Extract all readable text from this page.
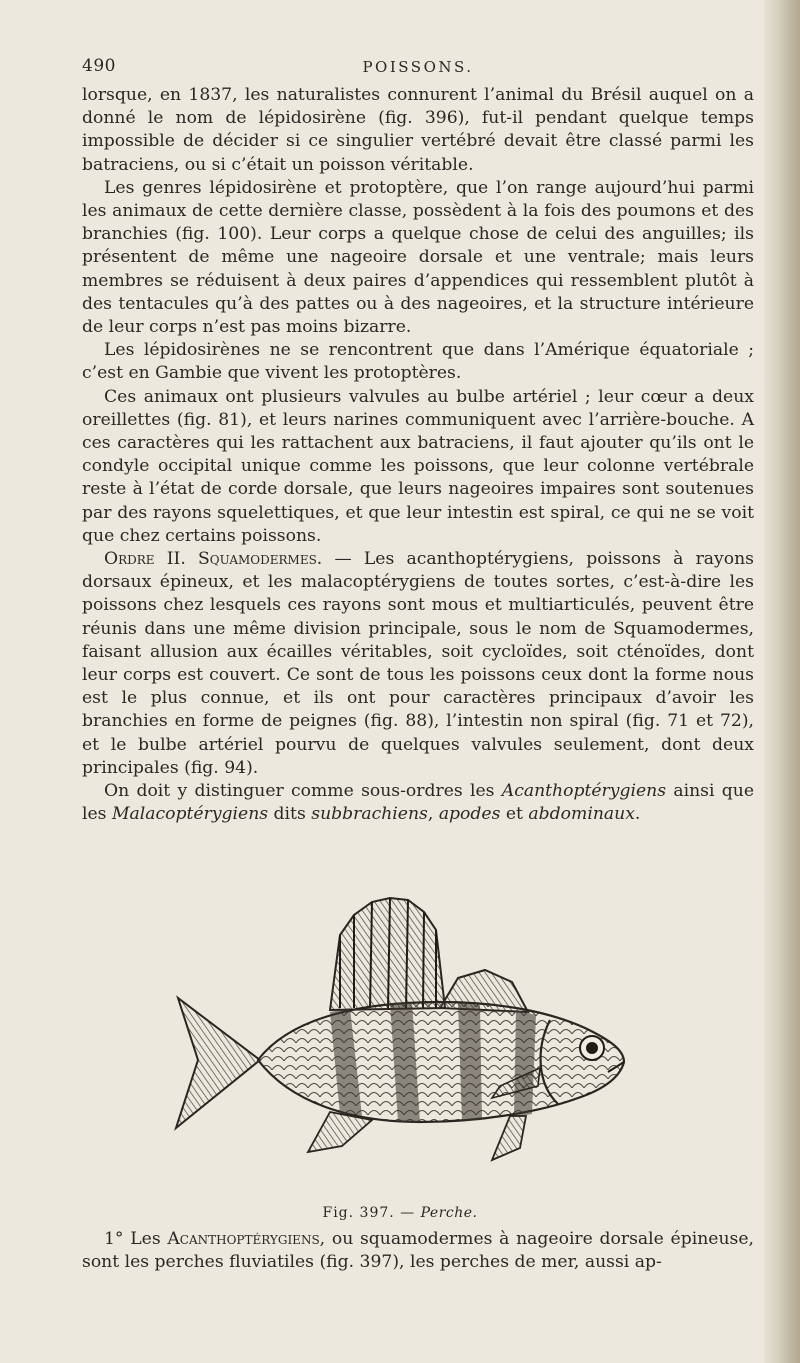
490	POISSONS.

lorsque, en 1837, les naturalistes connurent l’animal du Brésil auquel on a donné le nom de lépidosirène (fig. 396), fut-il pendant quelque temps impossible de décider si ce singulier vertébré devait être classé parmi les batraciens, ou si c’était un poisson véritable.

Les genres lépidosirène et protoptère, que l’on range aujourd’hui parmi les animaux de cette dernière classe, possèdent à la fois des poumons et des branchies (fig. 100). Leur corps a quelque chose de celui des anguilles; ils présentent de même une nageoire dorsale et une ventrale; mais leurs membres se réduisent à deux paires d’appendices qui ressemblent plutôt à des tentacules qu’à des pattes ou à des nageoires, et la structure intérieure de leur corps n’est pas moins bizarre.

Les lépidosirènes ne se rencontrent que dans l’Amérique équatoriale ; c’est en Gambie que vivent les protoptères.

Ces animaux ont plusieurs valvules au bulbe artériel ; leur cœur a deux oreillettes (fig. 81), et leurs narines communiquent avec l’arrière-bouche. A ces caractères qui les rattachent aux batraciens, il faut ajouter qu’ils ont le condyle occipital unique comme les poissons, que leur colonne vertébrale reste à l’état de corde dorsale, que leurs nageoires impaires sont soutenues par des rayons squelettiques, et que leur intestin est spiral, ce qui ne se voit que chez certains poissons.

Ordre II. Squamodermes. — Les acanthoptérygiens, poissons à rayons dorsaux épineux, et les malacoptérygiens de toutes sortes, c’est-à-dire les poissons chez lesquels ces rayons sont mous et multiarticulés, peuvent être réunis dans une même division principale, sous le nom de Squamodermes, faisant allusion aux écailles véritables, soit cycloïdes, soit cténoïdes, dont leur corps est couvert. Ce sont de tous les poissons ceux dont la forme nous est le plus connue, et ils ont pour caractères principaux d’avoir les branchies en forme de peignes (fig. 88), l’intestin non spiral (fig. 71 et 72), et le bulbe artériel pourvu de quelques valvules seulement, dont deux principales (fig. 94).

On doit y distinguer comme sous-ordres les Acanthoptérygiens ainsi que les Malacoptérygiens dits subbrachiens, apodes et abdominaux.

Fig. 397. — Perche.

1° Les Acanthoptérygiens, ou squamodermes à nageoire dorsale épineuse, sont les perches fluviatiles (fig. 397), les perches de mer, aussi ap-
